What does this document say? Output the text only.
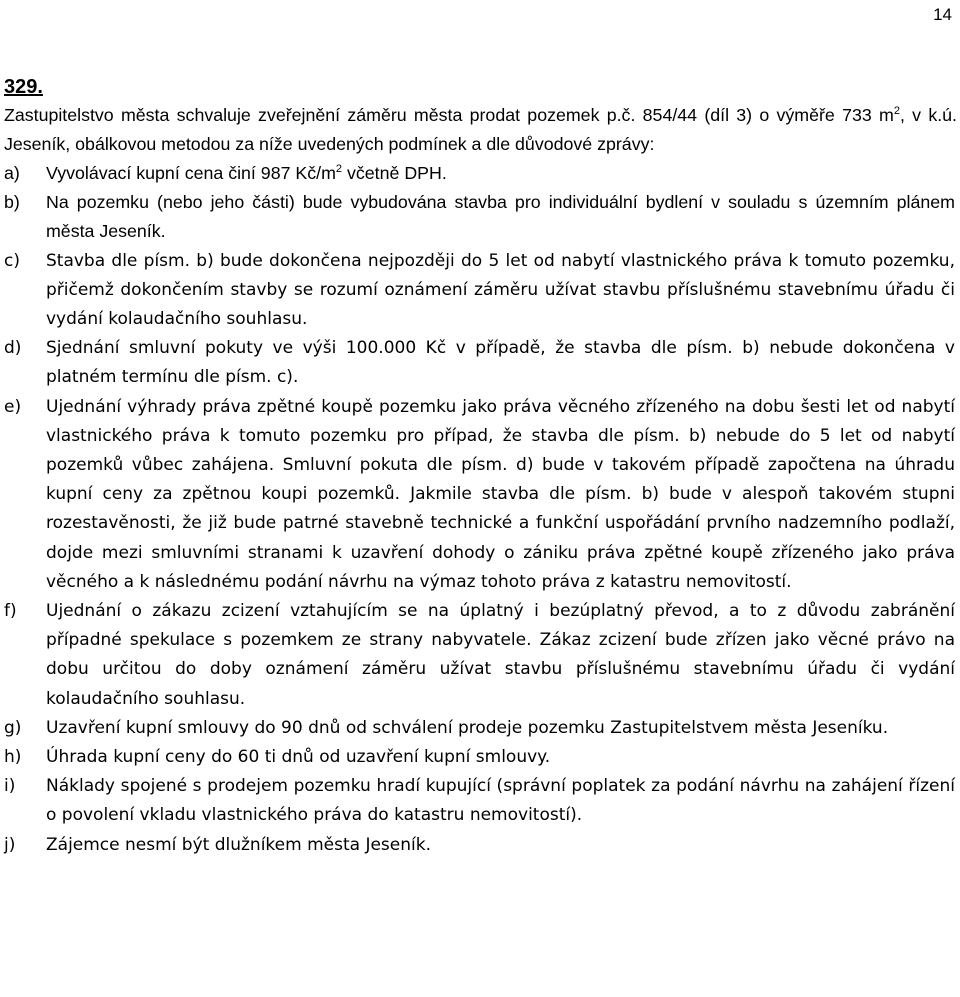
14

329.

Zastupitelstvo města schvaluje zveřejnění záměru města prodat pozemek p.č. 854/44 (díl 3) o výměře 733 $m^2$, v k.ú. Jeseník, obálkovou metodou za níže uvedených podmínek a dle důvodové zprávy:

a)	Vyvolávací kupní cena činí 987 $Kč/m^2$ včetně DPH.
b)	Na pozemku (nebo jeho části) bude vybudována stavba pro individuální bydlení v souladu s územním plánem města Jeseník.
c)	Stavba dle písm. b) bude dokončena nejpozději do 5 let od nabytí vlastnického práva k tomuto pozemku, přičemž dokončením stavby se rozumí oznámení záměru užívat stavbu příslušnému stavebnímu úřadu či vydání kolaudačního souhlasu.
d)	Sjednání smluvní pokuty ve výši 100.000 Kč v případě, že stavba dle písm. b) nebude dokončena v platném termínu dle písm. c).
e)	Ujednání výhrady práva zpětné koupě pozemku jako práva věcného zřízeného na dobu šesti let od nabytí vlastnického práva k tomuto pozemku pro případ, že stavba dle písm. b) nebude do 5 let od nabytí pozemků vůbec zahájena. Smluvní pokuta dle písm. d) bude v takovém případě započtena na úhradu kupní ceny za zpětnou koupi pozemků. Jakmile stavba dle písm. b) bude v alespoň takovém stupni rozestavěnosti, že již bude patrné stavebně technické a funkční uspořádání prvního nadzemního podlaží, dojde mezi smluvními stranami k uzavření dohody o zániku práva zpětné koupě zřízeného jako práva věcného a k následnému podání návrhu na výmaz tohoto práva z katastru nemovitostí.
f)	Ujednání o zákazu zcizení vztahujícím se na úplatný i bezúplatný převod, a to z důvodu zabránění případné spekulace s pozemkem ze strany nabyvatele. Zákaz zcizení bude zřízen jako věcné právo na dobu určitou do doby oznámení záměru užívat stavbu příslušnému stavebnímu úřadu či vydání kolaudačního souhlasu.
g)	Uzavření kupní smlouvy do 90 dnů od schválení prodeje pozemku Zastupitelstvem města Jeseníku.
h)	Úhrada kupní ceny do 60 ti dnů od uzavření kupní smlouvy.
i)	Náklady spojené s prodejem pozemku hradí kupující (správní poplatek za podání návrhu na zahájení řízení o povolení vkladu vlastnického práva do katastru nemovitostí).
j)	Zájemce nesmí být dlužníkem města Jeseník.
